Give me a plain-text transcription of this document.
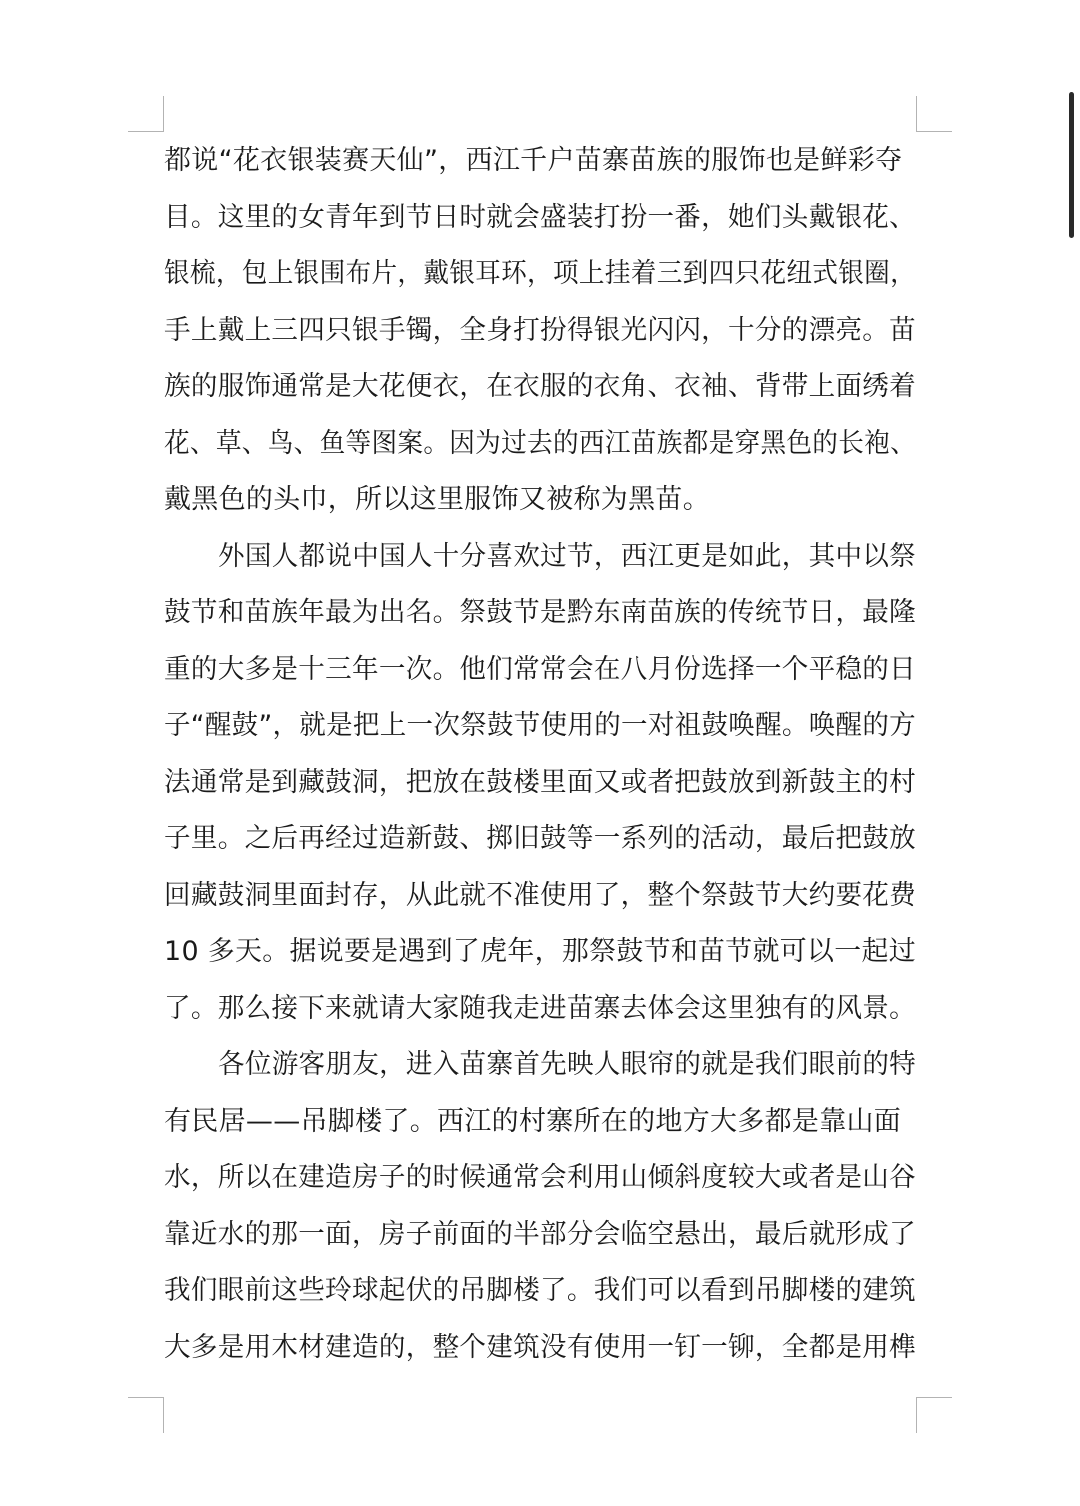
都说“花衣银装赛天仙”，西江千户苗寨苗族的服饰也是鲜彩夺
目。这里的女青年到节日时就会盛装打扮一番，她们头戴银花、
银梳，包上银围布片，戴银耳环，项上挂着三到四只花纽式银圈，
手上戴上三四只银手镯，全身打扮得银光闪闪，十分的漂亮。苗
族的服饰通常是大花便衣，在衣服的衣角、衣袖、背带上面绣着
花、草、鸟、鱼等图案。因为过去的西江苗族都是穿黑色的长袍、
戴黑色的头巾，所以这里服饰又被称为黑苗。

外国人都说中国人十分喜欢过节，西江更是如此，其中以祭
鼓节和苗族年最为出名。祭鼓节是黔东南苗族的传统节日，最隆
重的大多是十三年一次。他们常常会在八月份选择一个平稳的日
子“醒鼓”，就是把上一次祭鼓节使用的一对祖鼓唤醒。唤醒的方
法通常是到藏鼓洞，把放在鼓楼里面又或者把鼓放到新鼓主的村
子里。之后再经过造新鼓、掷旧鼓等一系列的活动，最后把鼓放
回藏鼓洞里面封存，从此就不准使用了，整个祭鼓节大约要花费
10 多天。据说要是遇到了虎年，那祭鼓节和苗节就可以一起过
了。那么接下来就请大家随我走进苗寨去体会这里独有的风景。

各位游客朋友，进入苗寨首先映人眼帘的就是我们眼前的特
有民居——吊脚楼了。西江的村寨所在的地方大多都是靠山面
水，所以在建造房子的时候通常会利用山倾斜度较大或者是山谷
靠近水的那一面，房子前面的半部分会临空悬出，最后就形成了
我们眼前这些玲球起伏的吊脚楼了。我们可以看到吊脚楼的建筑
大多是用木材建造的，整个建筑没有使用一钉一铆，全都是用榫
